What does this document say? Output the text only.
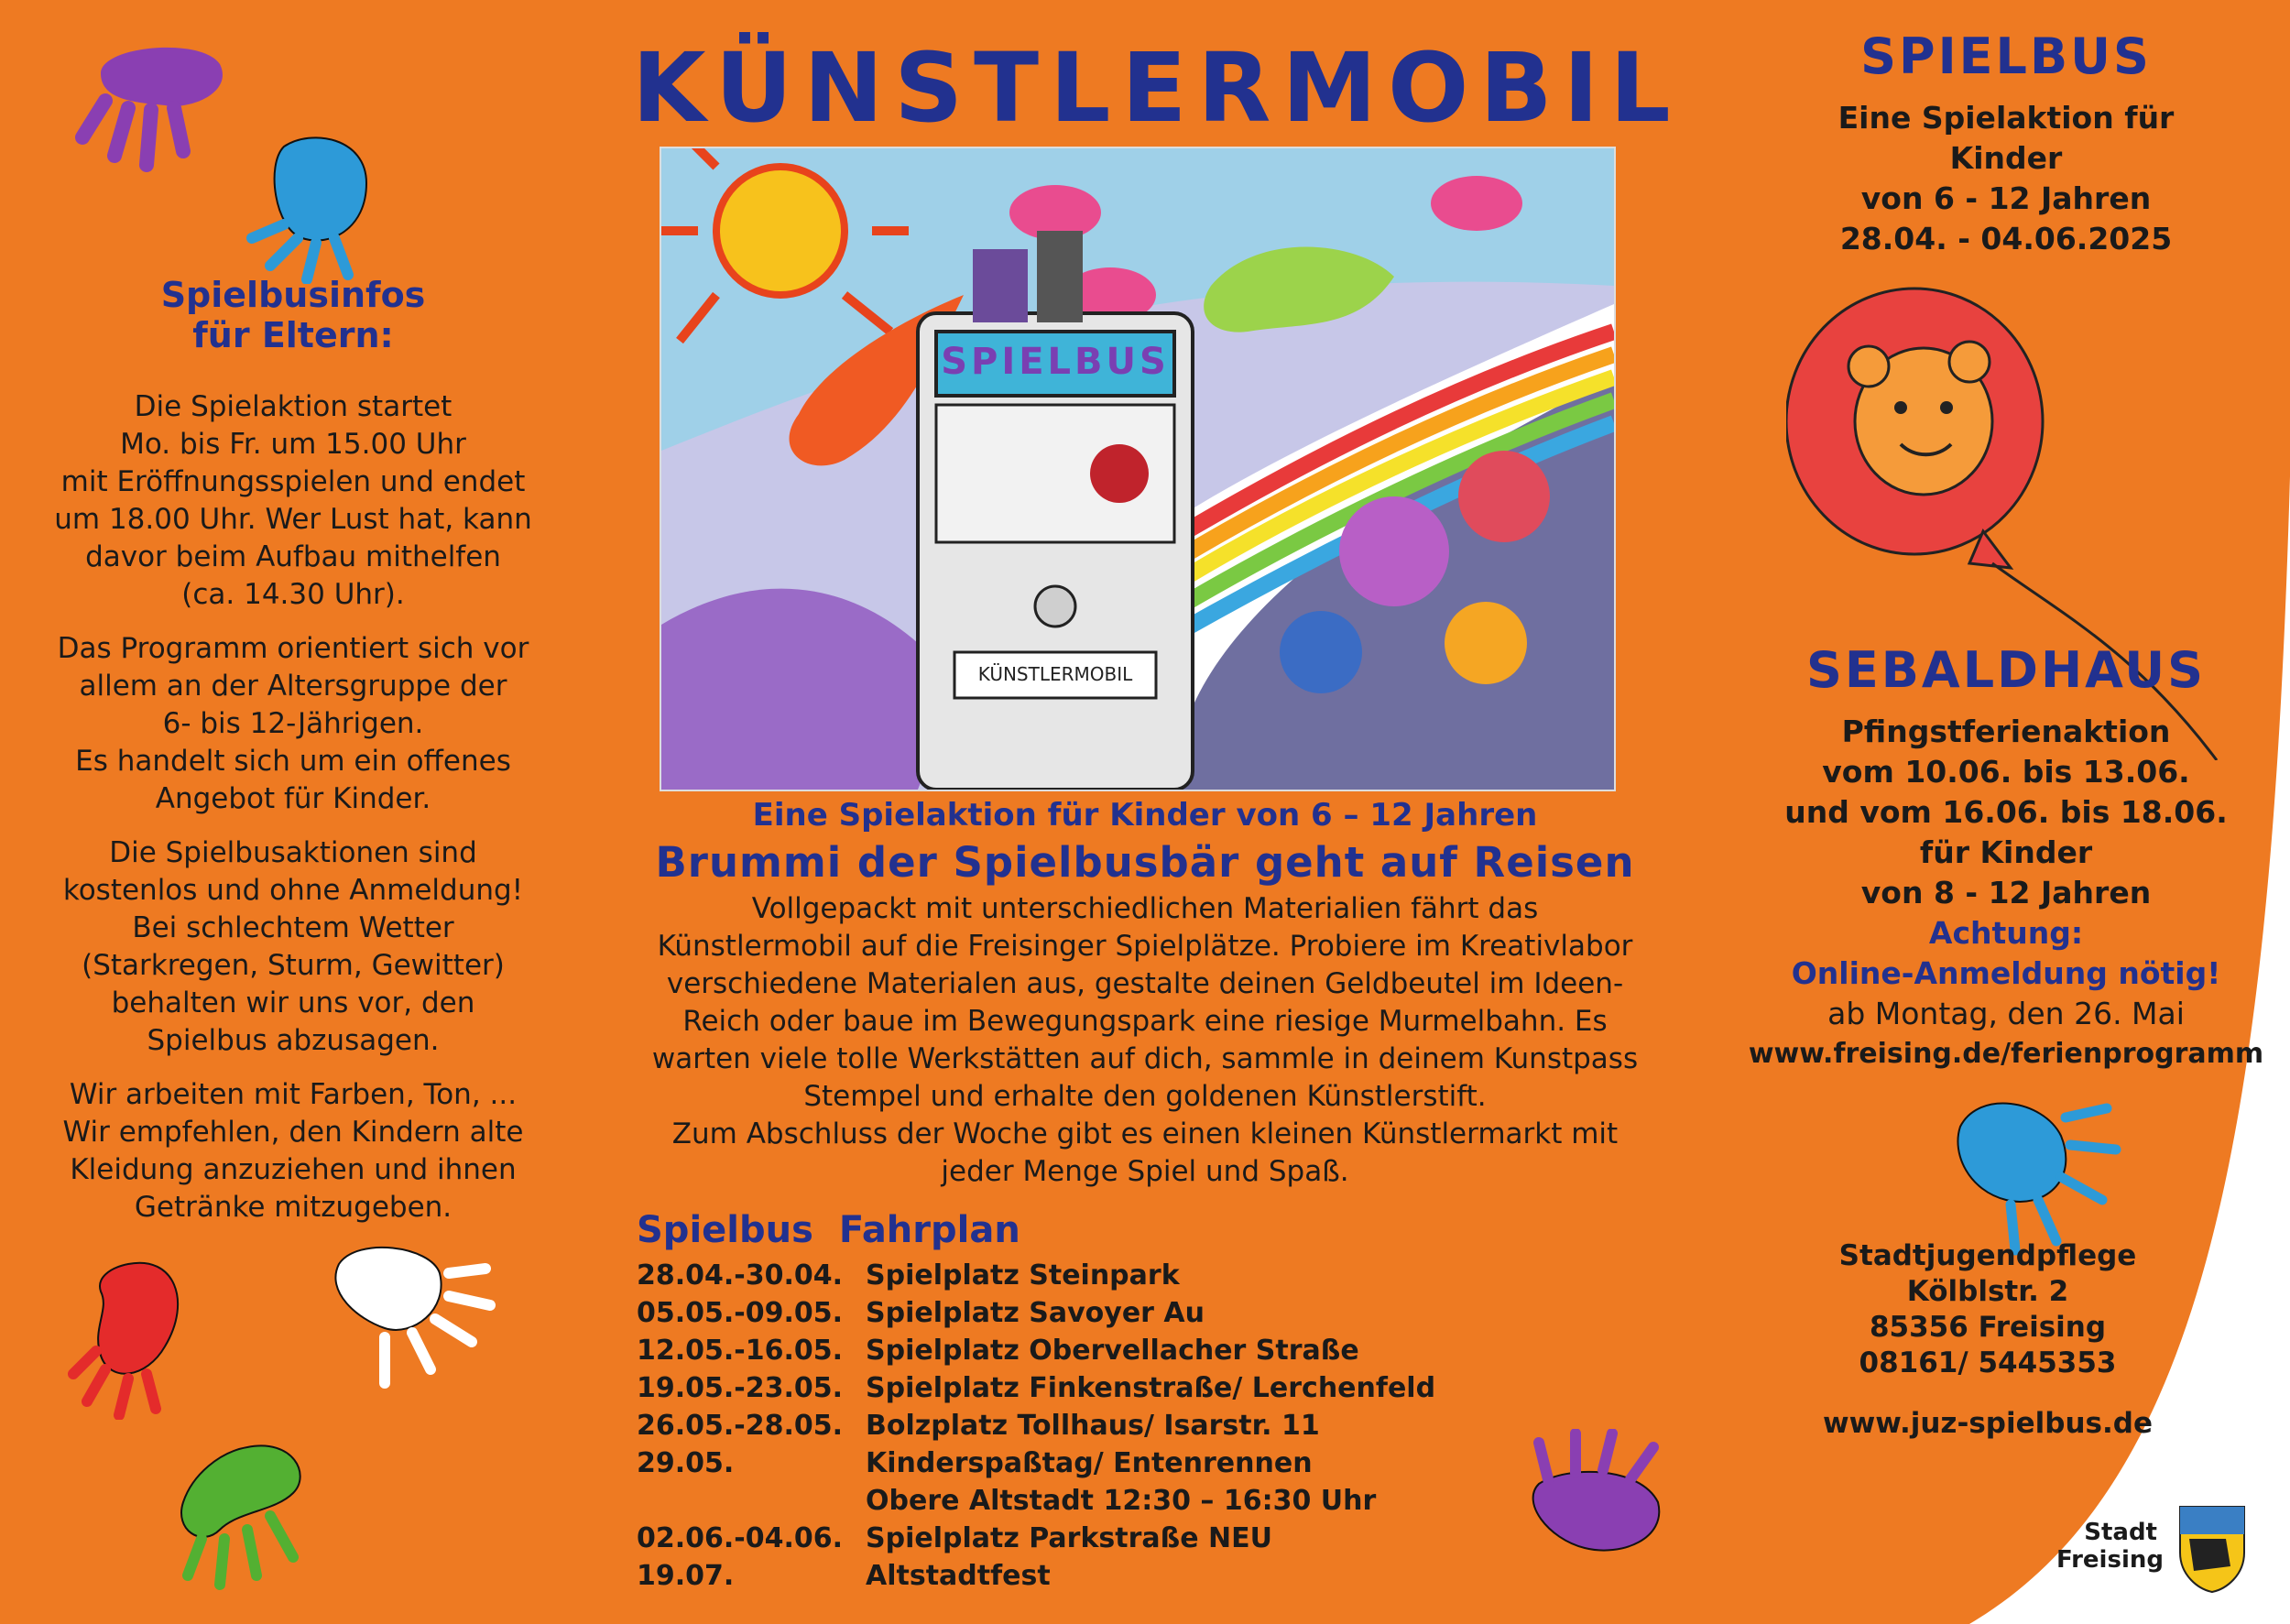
Spielbusinfos
für Eltern:

Die Spielaktion startet
Mo. bis Fr. um 15.00 Uhr
mit Eröffnungsspielen und endet
um 18.00 Uhr. Wer Lust hat, kann
davor beim Aufbau mithelfen
(ca. 14.30 Uhr).

Das Programm orientiert sich vor
allem an der Altersgruppe der
6- bis 12-Jährigen.
Es handelt sich um ein offenes
Angebot für Kinder.

Die Spielbusaktionen sind
kostenlos und ohne Anmeldung!
Bei schlechtem Wetter
(Starkregen, Sturm, Gewitter)
behalten wir uns vor, den
Spielbus abzusagen.

Wir arbeiten mit Farben, Ton, ...
Wir empfehlen, den Kindern alte
Kleidung anzuziehen und ihnen
Getränke mitzugeben.

KÜNSTLERMOBIL
SPIELBUS
KÜNSTLERMOBIL
Eine Spielaktion für Kinder von 6 – 12 Jahren
Brummi der Spielbusbär geht auf Reisen

Vollgepackt mit unterschiedlichen Materialien fährt das

Künstlermobil auf die Freisinger Spielplätze. Probiere im Kreativlabor

verschiedene Materialen aus, gestalte deinen Geldbeutel im Ideen-

Reich oder baue im Bewegungspark eine riesige Murmelbahn. Es

warten viele tolle Werkstätten auf dich, sammle in deinem Kunstpass

Stempel und erhalte den goldenen Künstlerstift.

Zum Abschluss der Woche gibt es einen kleinen Künstlermarkt mit

jeder Menge Spiel und Spaß.

Spielbus Fahrplan
28.04.-30.04. Spielplatz Steinpark
05.05.-09.05. Spielplatz Savoyer Au
12.05.-16.05. Spielplatz Obervellacher Straße
19.05.-23.05. Spielplatz Finkenstraße/ Lerchenfeld
26.05.-28.05. Bolzplatz Tollhaus/ Isarstr. 11
29.05.	Kinderspaßtag/ Entenrennen
Obere Altstadt 12:30 – 16:30 Uhr
02.06.-04.06. Spielplatz Parkstraße NEU
19.07.	Altstadtfest
SPIELBUS

Eine Spielaktion für

Kinder

von 6 - 12 Jahren

28.04. - 04.06.2025

SEBALDHAUS

Pfingstferienaktion

vom 10.06. bis 13.06.

und vom 16.06. bis 18.06.

für Kinder

von 8 - 12 Jahren

Achtung:

Online-Anmeldung nötig!

ab Montag, den 26. Mai

www.freising.de/ferienprogramm

Stadtjugendpflege

Kölblstr. 2

85356 Freising

08161/ 5445353

www.juz-spielbus.de
Stadt
Freising
